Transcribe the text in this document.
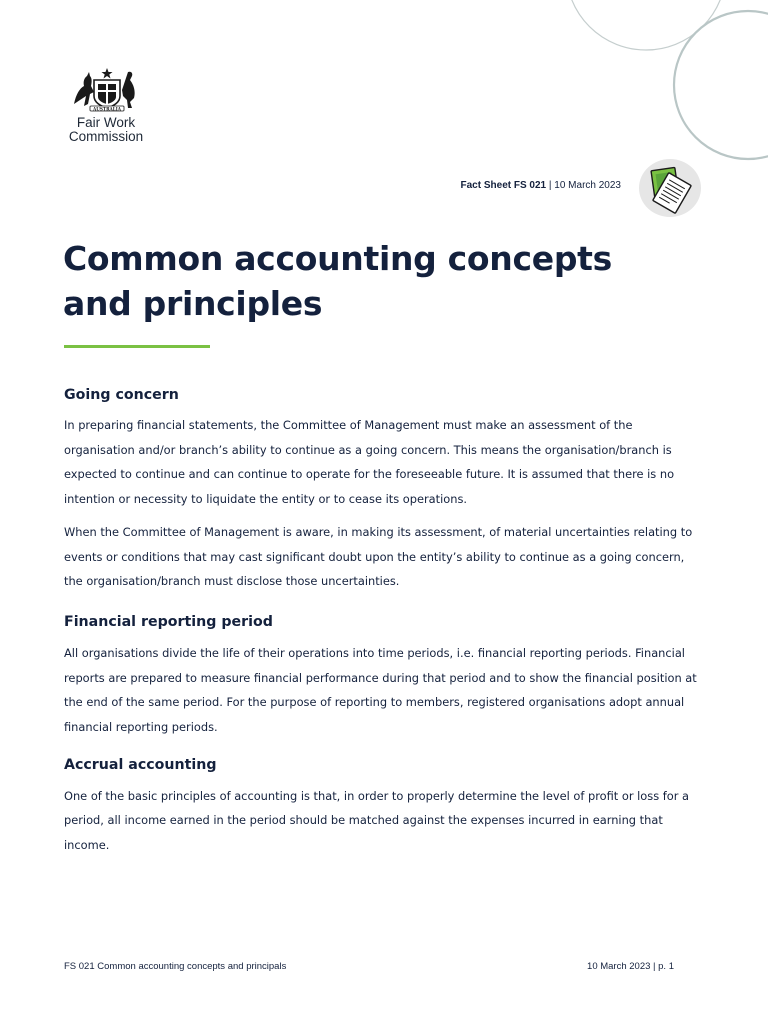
AUSTRALIA
Fair Work
Commission
Fact Sheet FS 021 | 10 March 2023
Common accounting concepts and principles
Going concern

In preparing financial statements, the Committee of Management must make an assessment of the organisation and/or branch’s ability to continue as a going concern. This means the organisation/branch is expected to continue and can continue to operate for the foreseeable future. It is assumed that there is no intention or necessity to liquidate the entity or to cease its operations.

When the Committee of Management is aware, in making its assessment, of material uncertainties relating to events or conditions that may cast significant doubt upon the entity’s ability to continue as a going concern, the organisation/branch must disclose those uncertainties.

Financial reporting period

All organisations divide the life of their operations into time periods, i.e. financial reporting periods. Financial reports are prepared to measure financial performance during that period and to show the financial position at the end of the same period. For the purpose of reporting to members, registered organisations adopt annual financial reporting periods.

Accrual accounting

One of the basic principles of accounting is that, in order to properly determine the level of profit or loss for a period, all income earned in the period should be matched against the expenses incurred in earning that income.

FS 021 Common accounting concepts and principals	10 March 2023 | p. 1
